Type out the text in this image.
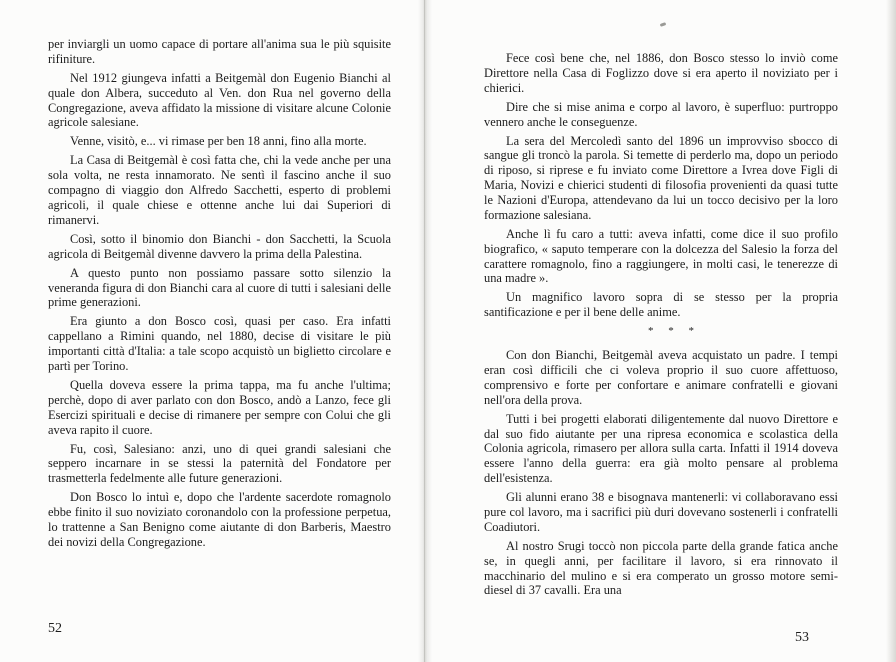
per inviargli un uomo capace di portare all'anima sua le più squisite rifiniture.

Nel 1912 giungeva infatti a Beitgemàl don Eugenio Bianchi al quale don Albera, succeduto al Ven. don Rua nel governo della Congregazione, aveva affidato la missione di visitare alcune Colonie agricole salesiane.

Venne, visitò, e... vi rimase per ben 18 anni, fino alla morte.

La Casa di Beitgemàl è così fatta che, chi la vede anche per una sola volta, ne resta innamorato. Ne sentì il fascino anche il suo compagno di viaggio don Alfredo Sacchetti, esperto di problemi agricoli, il quale chiese e ottenne anche lui dai Superiori di rimanervi.

Così, sotto il binomio don Bianchi - don Sacchetti, la Scuola agricola di Beitgemàl divenne davvero la prima della Palestina.

A questo punto non possiamo passare sotto silenzio la veneranda figura di don Bianchi cara al cuore di tutti i salesiani delle prime generazioni.

Era giunto a don Bosco così, quasi per caso. Era infatti cappellano a Rimini quando, nel 1880, decise di visitare le più importanti città d'Italia: a tale scopo acquistò un biglietto circolare e partì per Torino.

Quella doveva essere la prima tappa, ma fu anche l'ultima; perchè, dopo di aver parlato con don Bosco, andò a Lanzo, fece gli Esercizi spirituali e decise di rimanere per sempre con Colui che gli aveva rapito il cuore.

Fu, così, Salesiano: anzi, uno di quei grandi salesiani che seppero incarnare in se stessi la paternità del Fondatore per trasmetterla fedelmente alle future generazioni.

Don Bosco lo intuì e, dopo che l'ardente sacerdote romagnolo ebbe finito il suo noviziato coronandolo con la professione perpetua, lo trattenne a San Benigno come aiutante di don Barberis, Maestro dei novizi della Congregazione.

52

Fece così bene che, nel 1886, don Bosco stesso lo inviò come Direttore nella Casa di Foglizzo dove si era aperto il noviziato per i chierici.

Dire che si mise anima e corpo al lavoro, è superfluo: purtroppo vennero anche le conseguenze.

La sera del Mercoledì santo del 1896 un improvviso sbocco di sangue gli troncò la parola. Si temette di perderlo ma, dopo un periodo di riposo, si riprese e fu inviato come Direttore a Ivrea dove Figli di Maria, Novizi e chierici studenti di filosofia provenienti da quasi tutte le Nazioni d'Europa, attendevano da lui un tocco decisivo per la loro formazione salesiana.

Anche lì fu caro a tutti: aveva infatti, come dice il suo profilo biografico, « saputo temperare con la dolcezza del Salesio la forza del carattere romagnolo, fino a raggiungere, in molti casi, le tenerezze di una madre ».

Un magnifico lavoro sopra di se stesso per la propria santificazione e per il bene delle anime.

* * *

Con don Bianchi, Beitgemàl aveva acquistato un padre. I tempi eran così difficili che ci voleva proprio il suo cuore affettuoso, comprensivo e forte per confortare e animare confratelli e giovani nell'ora della prova.

Tutti i bei progetti elaborati diligentemente dal nuovo Direttore e dal suo fido aiutante per una ripresa economica e scolastica della Colonia agricola, rimasero per allora sulla carta. Infatti il 1914 doveva essere l'anno della guerra: era già molto pensare al problema dell'esistenza.

Gli alunni erano 38 e bisognava mantenerli: vi collaboravano essi pure col lavoro, ma i sacrifici più duri dovevano sostenerli i confratelli Coadiutori.

Al nostro Srugi toccò non piccola parte della grande fatica anche se, in quegli anni, per facilitare il lavoro, si era rinnovato il macchinario del mulino e si era comperato un grosso motore semi-diesel di 37 cavalli. Era una

53
